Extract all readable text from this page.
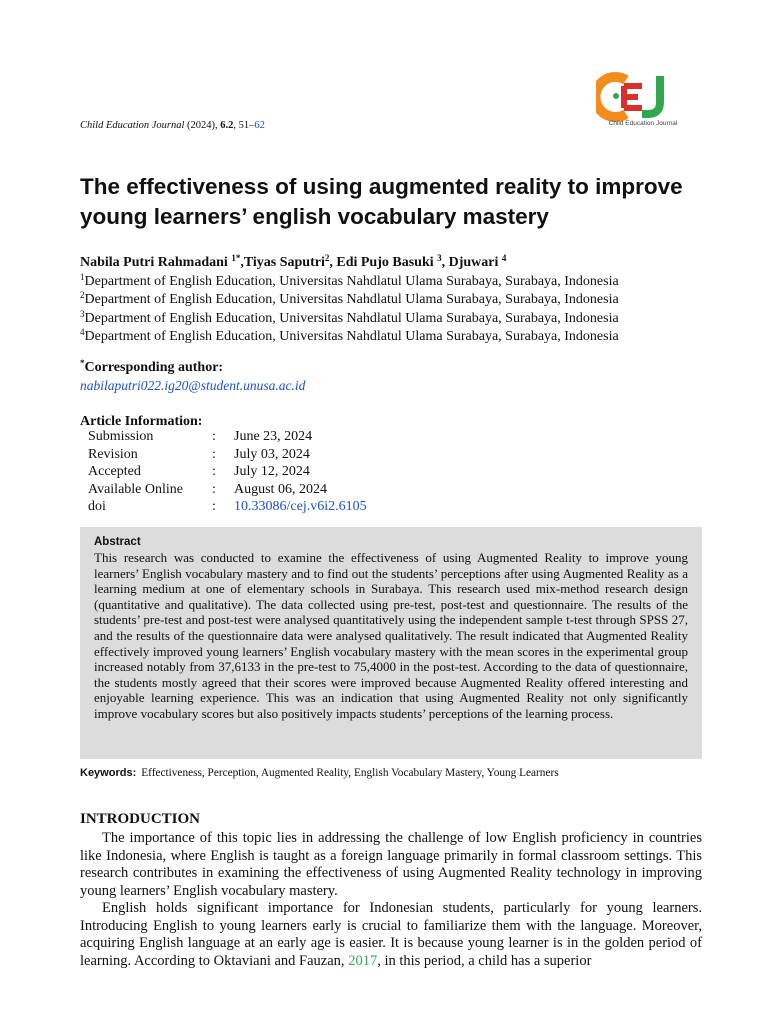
Child Education Journal
Child Education Journal (2024), 6.2, 51–62
The effectiveness of using augmented reality to improve young learners’ english vocabulary mastery
Nabila Putri Rahmadani $^{1*}$,Tiyas Saputri$^2$, Edi Pujo Basuki $^3$, Djuwari $^4$
$^1$Department of English Education, Universitas Nahdlatul Ulama Surabaya, Surabaya, Indonesia
$^2$Department of English Education, Universitas Nahdlatul Ulama Surabaya, Surabaya, Indonesia
$^3$Department of English Education, Universitas Nahdlatul Ulama Surabaya, Surabaya, Indonesia
$^4$Department of English Education, Universitas Nahdlatul Ulama Surabaya, Surabaya, Indonesia
*Corresponding author:
nabilaputri022.ig20@student.unusa.ac.id
Article Information:
Submission	:	June 23, 2024
Revision	:	July 03, 2024
Accepted	:	July 12, 2024
Available Online	:	August 06, 2024
doi	:	10.33086/cej.v6i2.6105
Abstract
This research was conducted to examine the effectiveness of using Augmented Reality to improve young learners’ English vocabulary mastery and to find out the students’ perceptions after using Augmented Reality as a learning medium at one of elementary schools in Surabaya. This research used mix-method research design (quantitative and qualitative). The data collected using pre-test, post-test and questionnaire. The results of the students’ pre-test and post-test were analysed quantitatively using the independent sample t-test through SPSS 27, and the results of the questionnaire data were analysed qualitatively. The result indicated that Augmented Reality effectively improved young learners’ English vocabulary mastery with the mean scores in the experimental group increased notably from 37,6133 in the pre-test to 75,4000 in the post-test. According to the data of questionnaire, the students mostly agreed that their scores were improved because Augmented Reality offered interesting and enjoyable learning experience. This was an indication that using Augmented Reality not only significantly improve vocabulary scores but also positively impacts students’ perceptions of the learning process.
Keywords: Effectiveness, Perception, Augmented Reality, English Vocabulary Mastery, Young Learners
INTRODUCTION

The importance of this topic lies in addressing the challenge of low English proficiency in countries like Indonesia, where English is taught as a foreign language primarily in formal classroom settings. This research contributes in examining the effectiveness of using Augmented Reality technology in improving young learners’ English vocabulary mastery.

English holds significant importance for Indonesian students, particularly for young learners. Introducing English to young learners early is crucial to familiarize them with the language. Moreover, acquiring English language at an early age is easier. It is because young learner is in the golden period of learning. According to Oktaviani and Fauzan, 2017, in this period, a child has a superior
